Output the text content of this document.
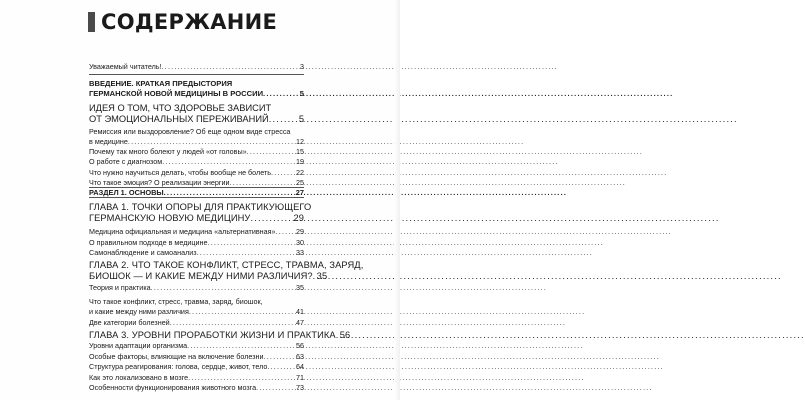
СОДЕРЖАНИЕ
Уважаемый читатель! .....	3
ВВЕДЕНИЕ. КРАТКАЯ ПРЕДЫСТОРИЯ
ГЕРМАНСКОЙ НОВОЙ МЕДИЦИНЫ В РОССИИ .....	5
ИДЕЯ О ТОМ, ЧТО ЗДОРОВЬЕ ЗАВИСИТ
ОТ ЭМОЦИОНАЛЬНЫХ ПЕРЕЖИВАНИЙ .....	5
Ремиссия или выздоровление? Об еще одном виде стресса
в медицине .....	12
Почему так много болеют у людей «от головы» .....	15
О работе с диагнозом .....	19
Что нужно научиться делать, чтобы вообще не болеть .....	22
Что такое эмоция? О реализации энергии .....	25
РАЗДЕЛ 1. ОСНОВЫ .....	27
ГЛАВА 1. ТОЧКИ ОПОРЫ ДЛЯ ПРАКТИКУЮЩЕГО
ГЕРМАНСКУЮ НОВУЮ МЕДИЦИНУ .....	29
Медицина официальная и медицина «альтернативная» .....	29
О правильном подходе в медицине .....	30
Самонаблюдение и самоанализ .....	33
ГЛАВА 2. ЧТО ТАКОЕ КОНФЛИКТ, СТРЕСС, ТРАВМА, ЗАРЯД,
БИОШОК — И КАКИЕ МЕЖДУ НИМИ РАЗЛИЧИЯ? ..... 35
Теория и практика .....	35
Что такое конфликт, стресс, травма, заряд, биошок,
и какие между ними различия .....	41
Две категории болезней .....	47
ГЛАВА 3. УРОВНИ ПРОРАБОТКИ ЖИЗНИ И ПРАКТИКА ..... 56
Уровни адаптации организма .....	56
Особые факторы, влияющие на включение болезни .....	63
Структура реагирования: голова, сердце, живот, тело .....	64
Как это локализовано в мозге .....	71
Особенности функционирования животного мозга .....	73
